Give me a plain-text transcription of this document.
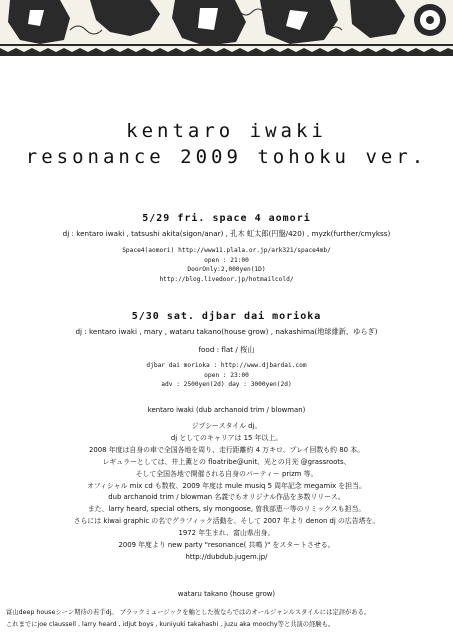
kentaro iwaki
resonance 2009 tohoku ver.
5/29 fri. space 4 aomori
dj : kentaro iwaki , tatsushi akita(sigon/anar) , 孔木 虹太郎(円盤/420) , myzk(further/cmykss)
Space4(aomori) http://www11.plala.or.jp/ark321/space4mb/
open : 21:00
DoorOnly:2,000yen(1D)
http://blog.livedoor.jp/hotmailcold/
5/30 sat. djbar dai morioka
dj : kentaro iwaki , mary , wataru takano(house grow) , nakashima(地球維新、ゆらぎ)
food : flat / 桜山
djbar dai morioka : http://www.djbardai.com
open : 23:00
adv : 2500yen(2d) day : 3000yen(2d)
kentaro iwaki (dub archanoid trim / blowman)
ジプシースタイル dj。
dj としてのキャリアは 15 年以上。
2008 年度は自身の車で全国各地を周り、走行距離約 4 万キロ、プレイ回数も約 80 本。
レギュラーとしては、井上薫との floatribe@unit、光との月光 @grassroots、
そして全国各地で開催される自身のパーティー prizm 等。
オフィシャル mix cd も数枚、2009 年度は mule musiq 5 周年記念 megamix を担当。
dub archanoid trim / blowman 名義でもオリジナル作品を多数リリース。
また、larry heard, special others, sly mongoose, 曽我部恵一等のリミックスも担当。
さらには kiwai graphic の名でグラフィック活動を、そして 2007 年より denon dj の広告塔を。
1972 年生まれ、富山県出身。
2009 年度より new party "resonance( 共鳴 )" をスタートさせる。
http://dubdub.jugem.jp/
wataru takano (house grow)
富山deep houseシーン期待の若手dj。 ブラックミュージックを軸とした彼ならではのオールジャンルスタイルには定評がある。
これまでにjoe claussell , larry heard , idjut boys , kuniyuki takahashi , juzu aka moochy等と共演の経験も。
